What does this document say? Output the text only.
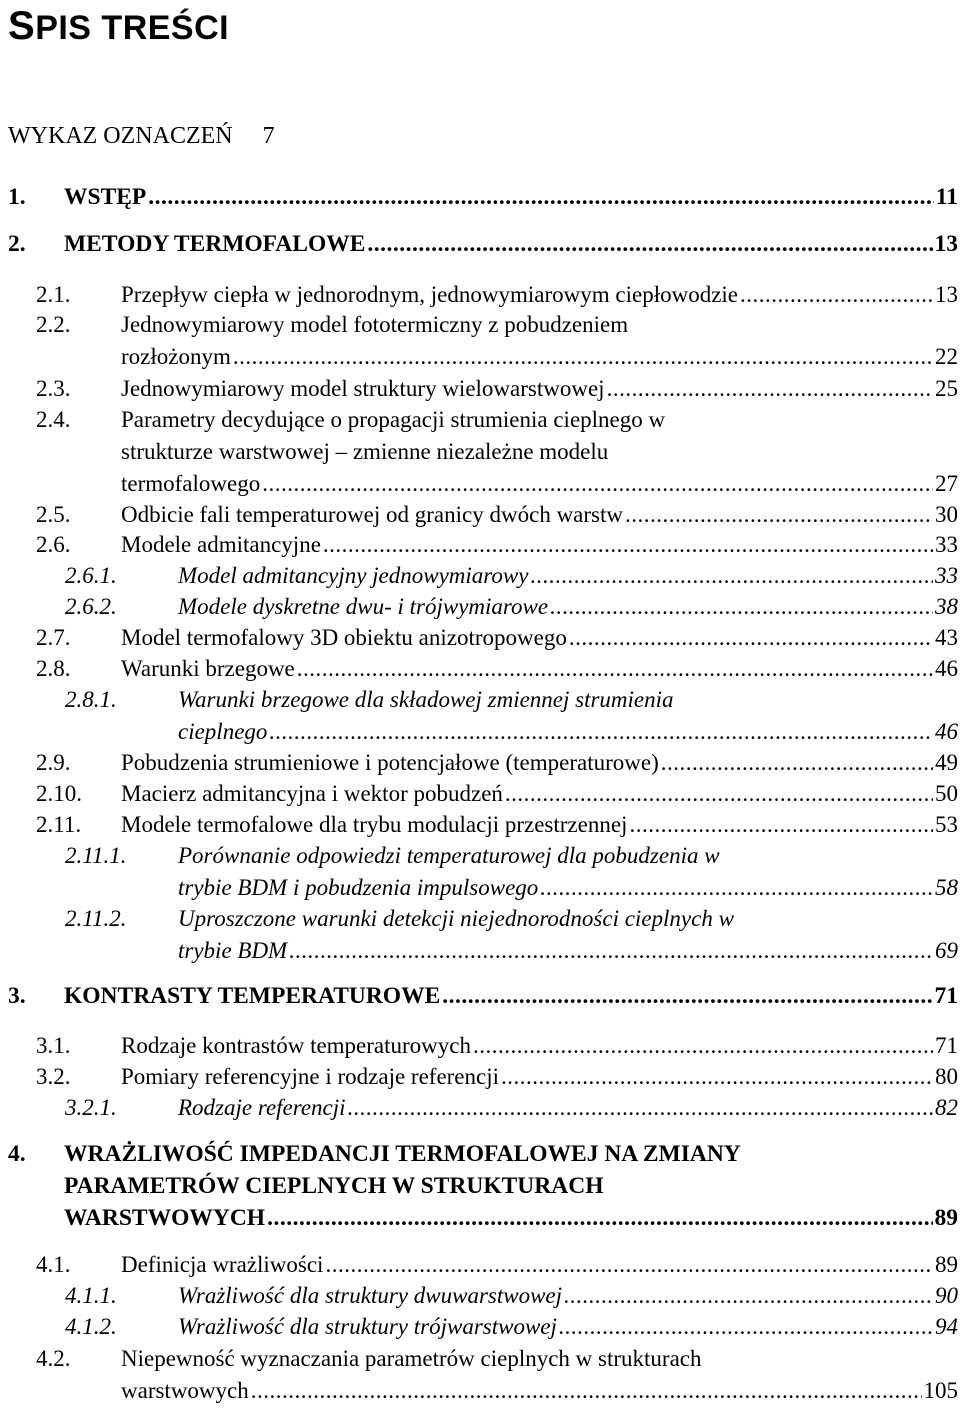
SPIS TREŚCI
WYKAZ OZNACZEŃ 7
1. WSTĘP .....	11
2. METODY TERMOFALOWE .....	13
2.1. Przepływ ciepła w jednorodnym, jednowymiarowym ciepłowodzie .....	13
2.2. Jednowymiarowy model fototermiczny z pobudzeniem
rozłożonym .....	22
2.3. Jednowymiarowy model struktury wielowarstwowej .....	25
2.4. Parametry decydujące o propagacji strumienia cieplnego w
strukturze warstwowej – zmienne niezależne modelu
termofalowego .....	27
2.5. Odbicie fali temperaturowej od granicy dwóch warstw .....	30
2.6. Modele admitancyjne .....	33
2.6.1.	Model admitancyjny jednowymiarowy .....	33
2.6.2.	Modele dyskretne dwu- i trójwymiarowe .....	38
2.7. Model termofalowy 3D obiektu anizotropowego .....	43
2.8. Warunki brzegowe .....	46
2.8.1.	Warunki brzegowe dla składowej zmiennej strumienia
cieplnego .....	46
2.9. Pobudzenia strumieniowe i potencjałowe (temperaturowe) .....	49
2.10. Macierz admitancyjna i wektor pobudzeń .....	50
2.11. Modele termofalowe dla trybu modulacji przestrzennej .....	53
2.11.1. Porównanie odpowiedzi temperaturowej dla pobudzenia w
trybie BDM i pobudzenia impulsowego .....	58
2.11.2. Uproszczone warunki detekcji niejednorodności cieplnych w
trybie BDM .....	69
3. KONTRASTY TEMPERATUROWE .....	71
3.1. Rodzaje kontrastów temperaturowych .....	71
3.2. Pomiary referencyjne i rodzaje referencji .....	80
3.2.1.	Rodzaje referencji .....	82
4. WRAŻLIWOŚĆ IMPEDANCJI TERMOFALOWEJ NA ZMIANY
PARAMETRÓW CIEPLNYCH W STRUKTURACH
WARSTWOWYCH .....	89
4.1. Definicja wrażliwości .....	89
4.1.1.	Wrażliwość dla struktury dwuwarstwowej .....	90
4.1.2.	Wrażliwość dla struktury trójwarstwowej .....	94
4.2. Niepewność wyznaczania parametrów cieplnych w strukturach
warstwowych .....	105
